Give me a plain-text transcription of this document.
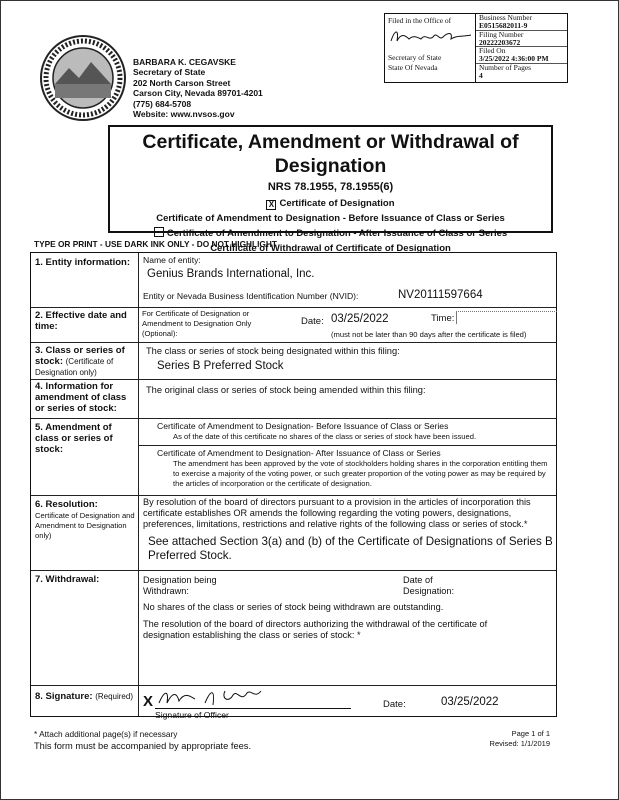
BARBARA K. CEGAVSKE
Secretary of State
202 North Carson Street
Carson City, Nevada 89701-4201
(775) 684-5708
Website: www.nvsos.gov
Filed in the Office of
Secretary of State
State Of Nevada
Business Number
E0515682011-9
Filing Number
20222203672
Filed On
3/25/2022 4:36:00 PM
Number of Pages
4
Certificate, Amendment or Withdrawal of Designation
NRS 78.1955, 78.1955(6)
X Certificate of Designation
Certificate of Amendment to Designation - Before Issuance of Class or Series
Certificate of Amendment to Designation - After Issuance of Class or Series
Certificate of Withdrawal of Certificate of Designation
TYPE OR PRINT - USE DARK INK ONLY - DO NOT HIGHLIGHT
1. Entity information: Name of entity:
Genius Brands International, Inc.
Entity or Nevada Business Identification Number (NVID):	NV20111597664
2. Effective date and time:
For Certificate of Designation or Amendment to Designation Only (Optional):
Date: 03/25/2022	Time:
(must not be later than 90 days after the certificate is filed)
3. Class or series of stock: (Certificate of Designation only)
The class or series of stock being designated within this filing:
Series B Preferred Stock
4. Information for amendment of class or series of stock:
The original class or series of stock being amended within this filing:
5. Amendment of class or series of stock:
Certificate of Amendment to Designation- Before Issuance of Class or Series
As of the date of this certificate no shares of the class or series of stock have been issued.
Certificate of Amendment to Designation- After Issuance of Class or Series
The amendment has been approved by the vote of stockholders holding shares in the corporation entitling them to exercise a majority of the voting power, or such greater proportion of the voting power as may be required by the articles of incorporation or the certificate of designation.
6. Resolution:
Certificate of Designation and Amendment to Designation only)
By resolution of the board of directors pursuant to a provision in the articles of incorporation this certificate establishes OR amends the following regarding the voting powers, designations, preferences, limitations, restrictions and relative rights of the following class or series of stock.*
See attached Section 3(a) and (b) of the Certificate of Designations of Series B Preferred Stock.
7. Withdrawal:	Designation being Withdrawn:
Date of Designation:
No shares of the class or series of stock being withdrawn are outstanding.
The resolution of the board of directors authorizing the withdrawal of the certificate of designation establishing the class or series of stock: *
8. Signature: (Required) X
Signature of Officer
Date:	03/25/2022
* Attach additional page(s) if necessary
This form must be accompanied by appropriate fees.
Page 1 of 1
Revised: 1/1/2019
